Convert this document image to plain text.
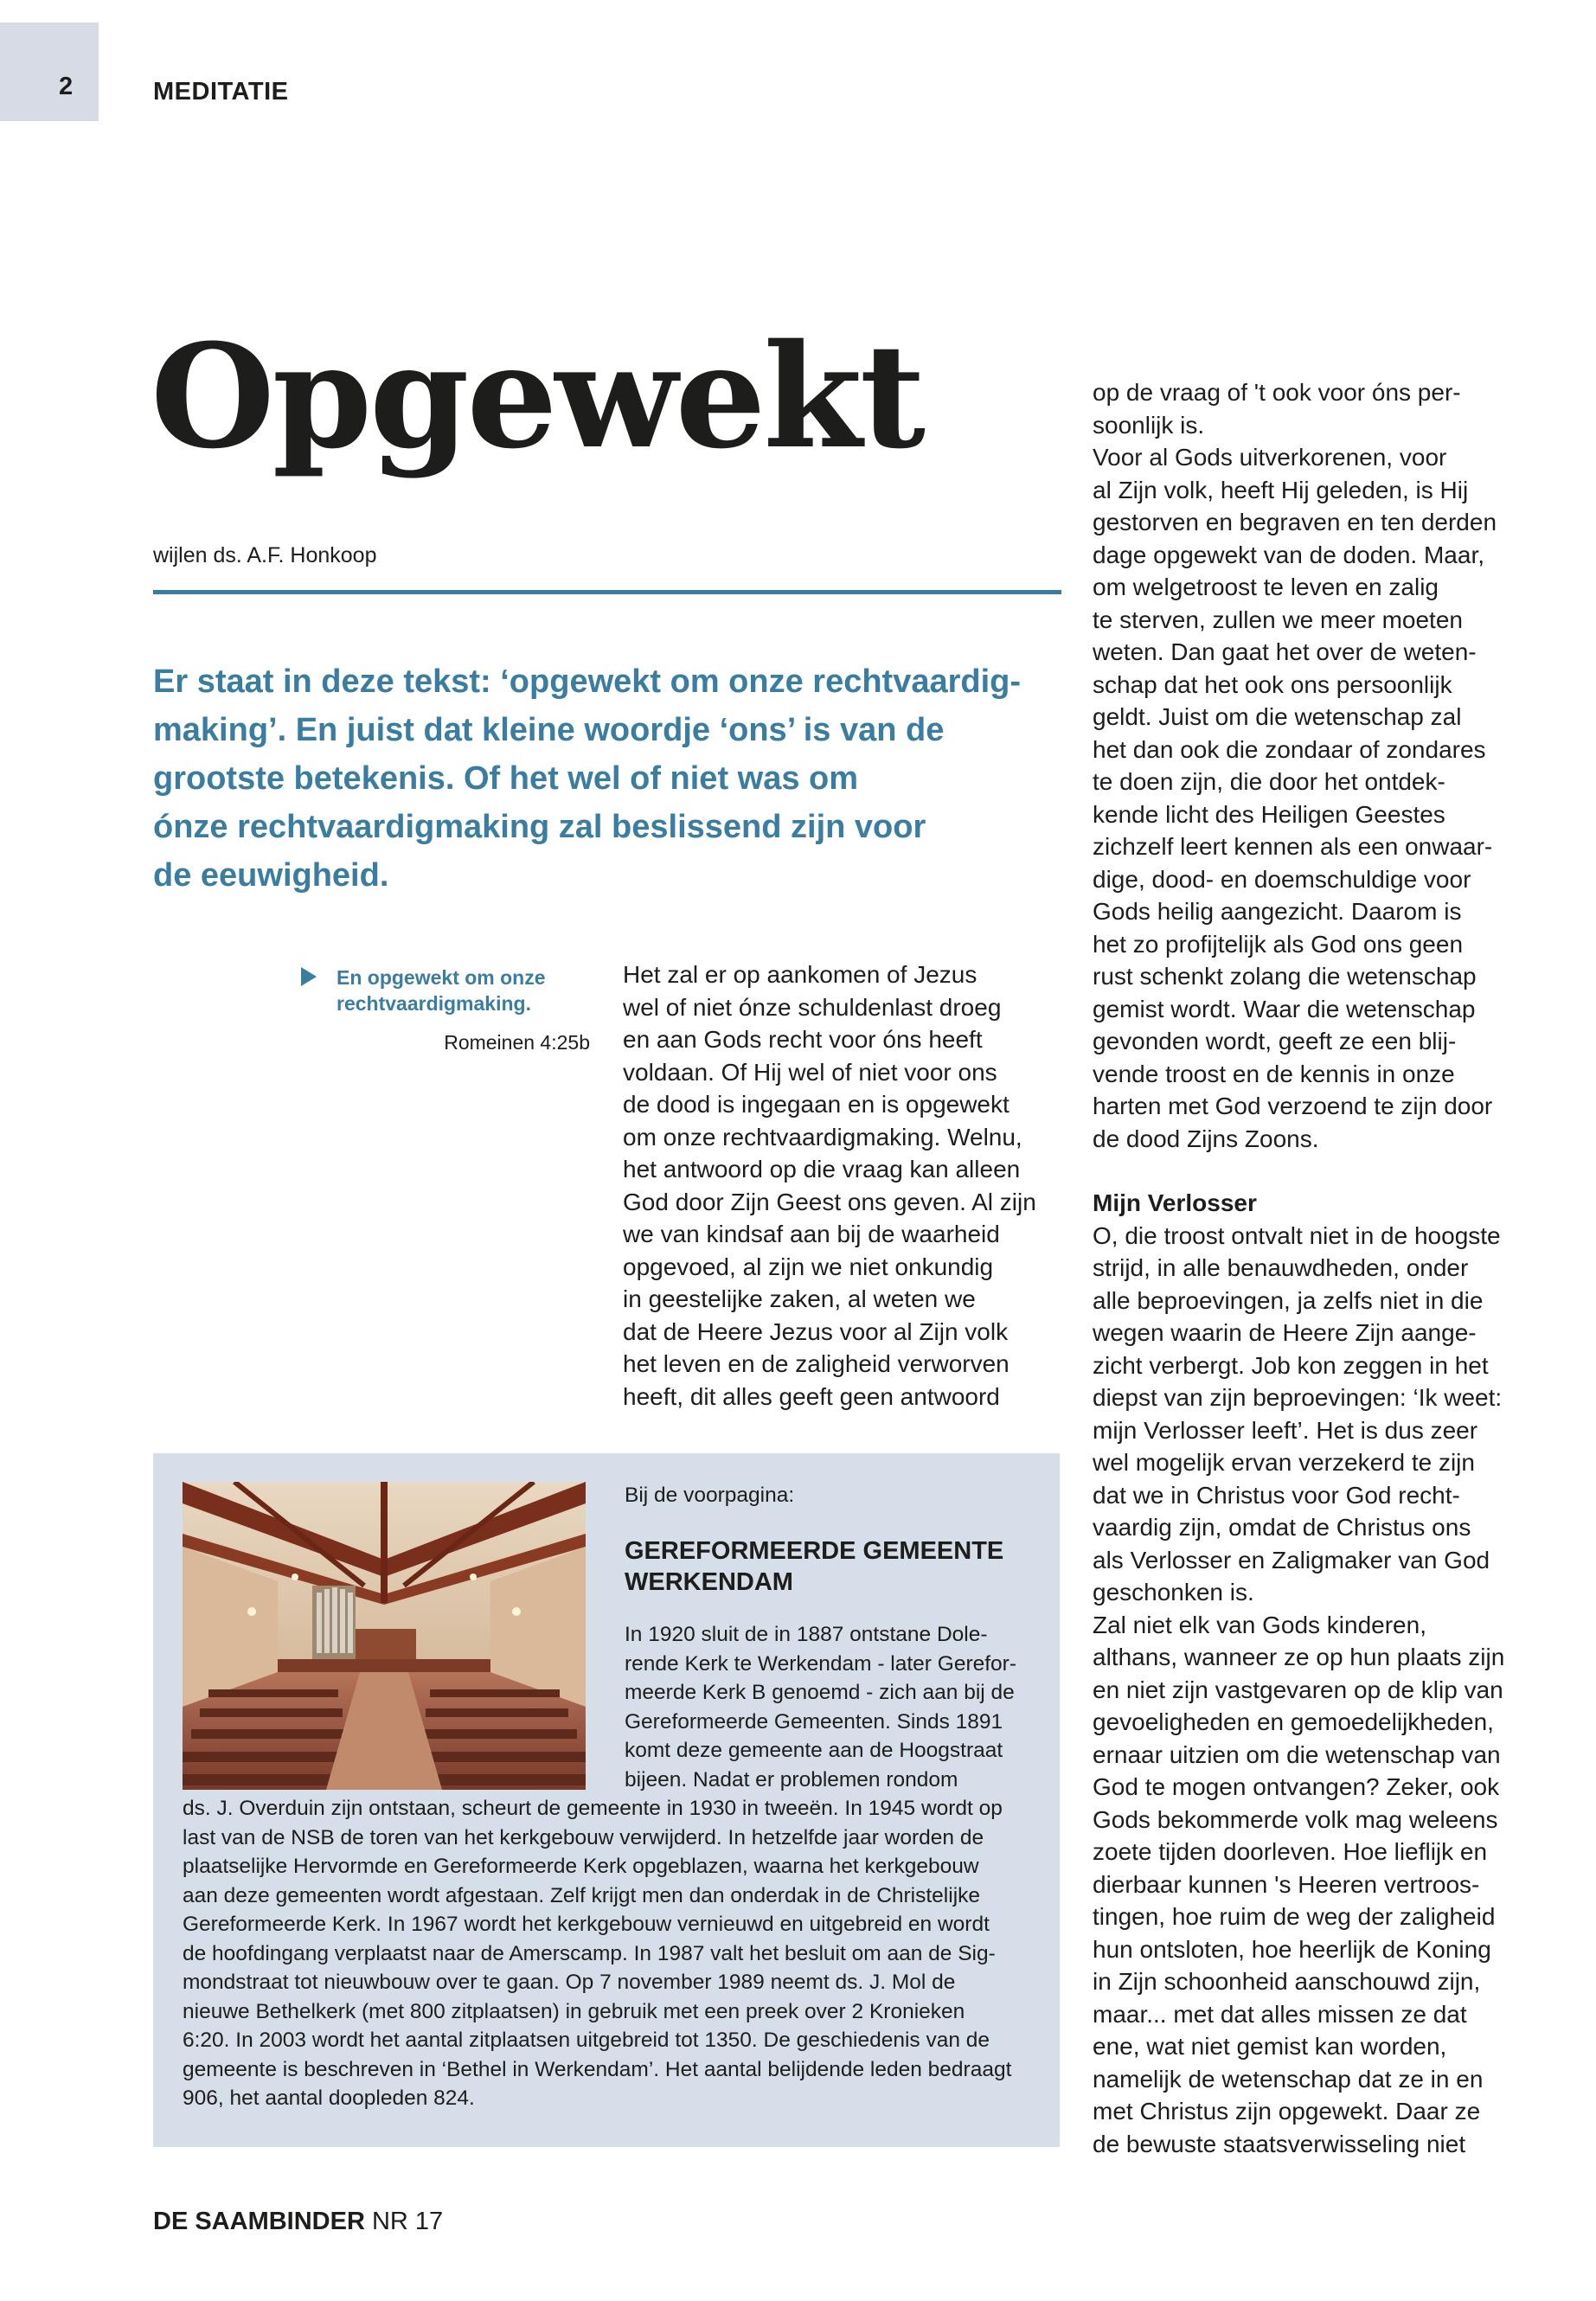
2	MEDITATIE
Opgewekt
wijlen ds. A.F. Honkoop

Er staat in deze tekst: ‘opgewekt om onze rechtvaardig-
making’. En juist dat kleine woordje ‘ons’ is van de
grootste betekenis. Of het wel of niet was om
ónze rechtvaardigmaking zal beslissend zijn voor
de eeuwigheid.

En opgewekt om onze
rechtvaardigmaking.
Romeinen 4:25b
Het zal er op aankomen of Jezus
wel of niet ónze schuldenlast droeg
en aan Gods recht voor óns heeft
voldaan. Of Hij wel of niet voor ons
de dood is ingegaan en is opgewekt
om onze rechtvaardigmaking. Welnu,
het antwoord op die vraag kan alleen
God door Zijn Geest ons geven. Al zijn
we van kindsaf aan bij de waarheid
opgevoed, al zijn we niet onkundig
in geestelijke zaken, al weten we
dat de Heere Jezus voor al Zijn volk
het leven en de zaligheid verworven
heeft, dit alles geeft geen antwoord
op de vraag of 't ook voor óns per-
soonlijk is.
Voor al Gods uitverkorenen, voor
al Zijn volk, heeft Hij geleden, is Hij
gestorven en begraven en ten derden
dage opgewekt van de doden. Maar,
om welgetroost te leven en zalig
te sterven, zullen we meer moeten
weten. Dan gaat het over de weten-
schap dat het ook ons persoonlijk
geldt. Juist om die wetenschap zal
het dan ook die zondaar of zondares
te doen zijn, die door het ontdek-
kende licht des Heiligen Geestes
zichzelf leert kennen als een onwaar-
dige, dood- en doemschuldige voor
Gods heilig aangezicht. Daarom is
het zo profijtelijk als God ons geen
rust schenkt zolang die wetenschap
gemist wordt. Waar die wetenschap
gevonden wordt, geeft ze een blij-
vende troost en de kennis in onze
harten met God verzoend te zijn door
de dood Zijns Zoons.
Mijn Verlosser
O, die troost ontvalt niet in de hoogste
strijd, in alle benauwdheden, onder
alle beproevingen, ja zelfs niet in die
wegen waarin de Heere Zijn aange-
zicht verbergt. Job kon zeggen in het
diepst van zijn beproevingen: ‘Ik weet:
mijn Verlosser leeft’. Het is dus zeer
wel mogelijk ervan verzekerd te zijn
dat we in Christus voor God recht-
vaardig zijn, omdat de Christus ons
als Verlosser en Zaligmaker van God
geschonken is.
Zal niet elk van Gods kinderen,
althans, wanneer ze op hun plaats zijn
en niet zijn vastgevaren op de klip van
gevoeligheden en gemoedelijkheden,
ernaar uitzien om die wetenschap van
God te mogen ontvangen? Zeker, ook
Gods bekommerde volk mag weleens
zoete tijden doorleven. Hoe lieflijk en
dierbaar kunnen 's Heeren vertroos-
tingen, hoe ruim de weg der zaligheid
hun ontsloten, hoe heerlijk de Koning
in Zijn schoonheid aanschouwd zijn,
maar... met dat alles missen ze dat
ene, wat niet gemist kan worden,
namelijk de wetenschap dat ze in en
met Christus zijn opgewekt. Daar ze
de bewuste staatsverwisseling niet
Bij de voorpagina:
GEREFORMEERDE GEMEENTE
WERKENDAM
In 1920 sluit de in 1887 ontstane Dole-
rende Kerk te Werkendam - later Gerefor-
meerde Kerk B genoemd - zich aan bij de
Gereformeerde Gemeenten. Sinds 1891
komt deze gemeente aan de Hoogstraat
bijeen. Nadat er problemen rondom
ds. J. Overduin zijn ontstaan, scheurt de gemeente in 1930 in tweeën. In 1945 wordt op
last van de NSB de toren van het kerkgebouw verwijderd. In hetzelfde jaar worden de
plaatselijke Hervormde en Gereformeerde Kerk opgeblazen, waarna het kerkgebouw
aan deze gemeenten wordt afgestaan. Zelf krijgt men dan onderdak in de Christelijke
Gereformeerde Kerk. In 1967 wordt het kerkgebouw vernieuwd en uitgebreid en wordt
de hoofdingang verplaatst naar de Amerscamp. In 1987 valt het besluit om aan de Sig-
mondstraat tot nieuwbouw over te gaan. Op 7 november 1989 neemt ds. J. Mol de
nieuwe Bethelkerk (met 800 zitplaatsen) in gebruik met een preek over 2 Kronieken
6:20. In 2003 wordt het aantal zitplaatsen uitgebreid tot 1350. De geschiedenis van de
gemeente is beschreven in ‘Bethel in Werkendam’. Het aantal belijdende leden bedraagt
906, het aantal doopleden 824.
DE SAAMBINDER NR 17
